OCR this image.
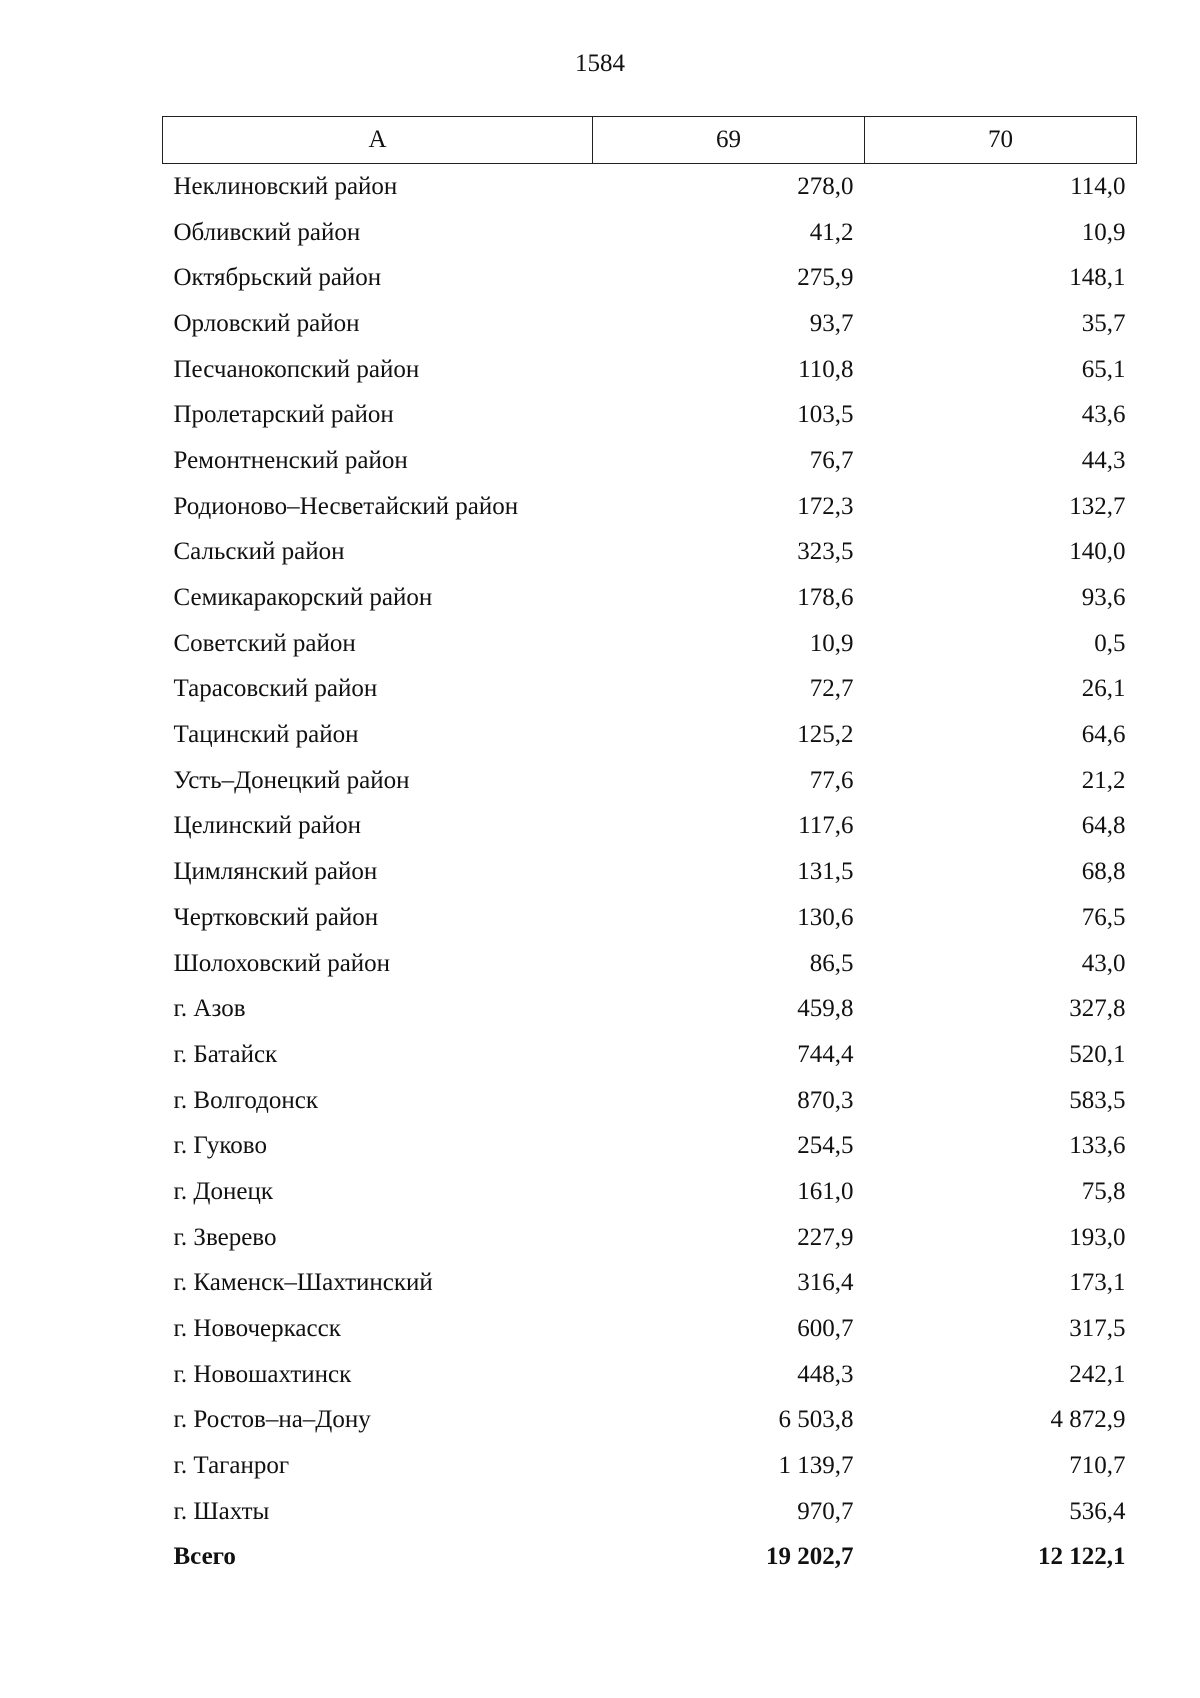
1584
А	69	70
Неклиновский район	278,0	114,0
Обливский район	41,2	10,9
Октябрьский район	275,9	148,1
Орловский район	93,7	35,7
Песчанокопский район	110,8	65,1
Пролетарский район	103,5	43,6
Ремонтненский район	76,7	44,3
Родионово–Несветайский район	172,3	132,7
Сальский район	323,5	140,0
Семикаракорский район	178,6	93,6
Советский район	10,9	0,5
Тарасовский район	72,7	26,1
Тацинский район	125,2	64,6
Усть–Донецкий район	77,6	21,2
Целинский район	117,6	64,8
Цимлянский район	131,5	68,8
Чертковский район	130,6	76,5
Шолоховский район	86,5	43,0
г. Азов	459,8	327,8
г. Батайск	744,4	520,1
г. Волгодонск	870,3	583,5
г. Гуково	254,5	133,6
г. Донецк	161,0	75,8
г. Зверево	227,9	193,0
г. Каменск–Шахтинский	316,4	173,1
г. Новочеркасск	600,7	317,5
г. Новошахтинск	448,3	242,1
г. Ростов–на–Дону	6 503,8	4 872,9
г. Таганрог	1 139,7	710,7
г. Шахты	970,7	536,4
Всего	19 202,7	12 122,1
